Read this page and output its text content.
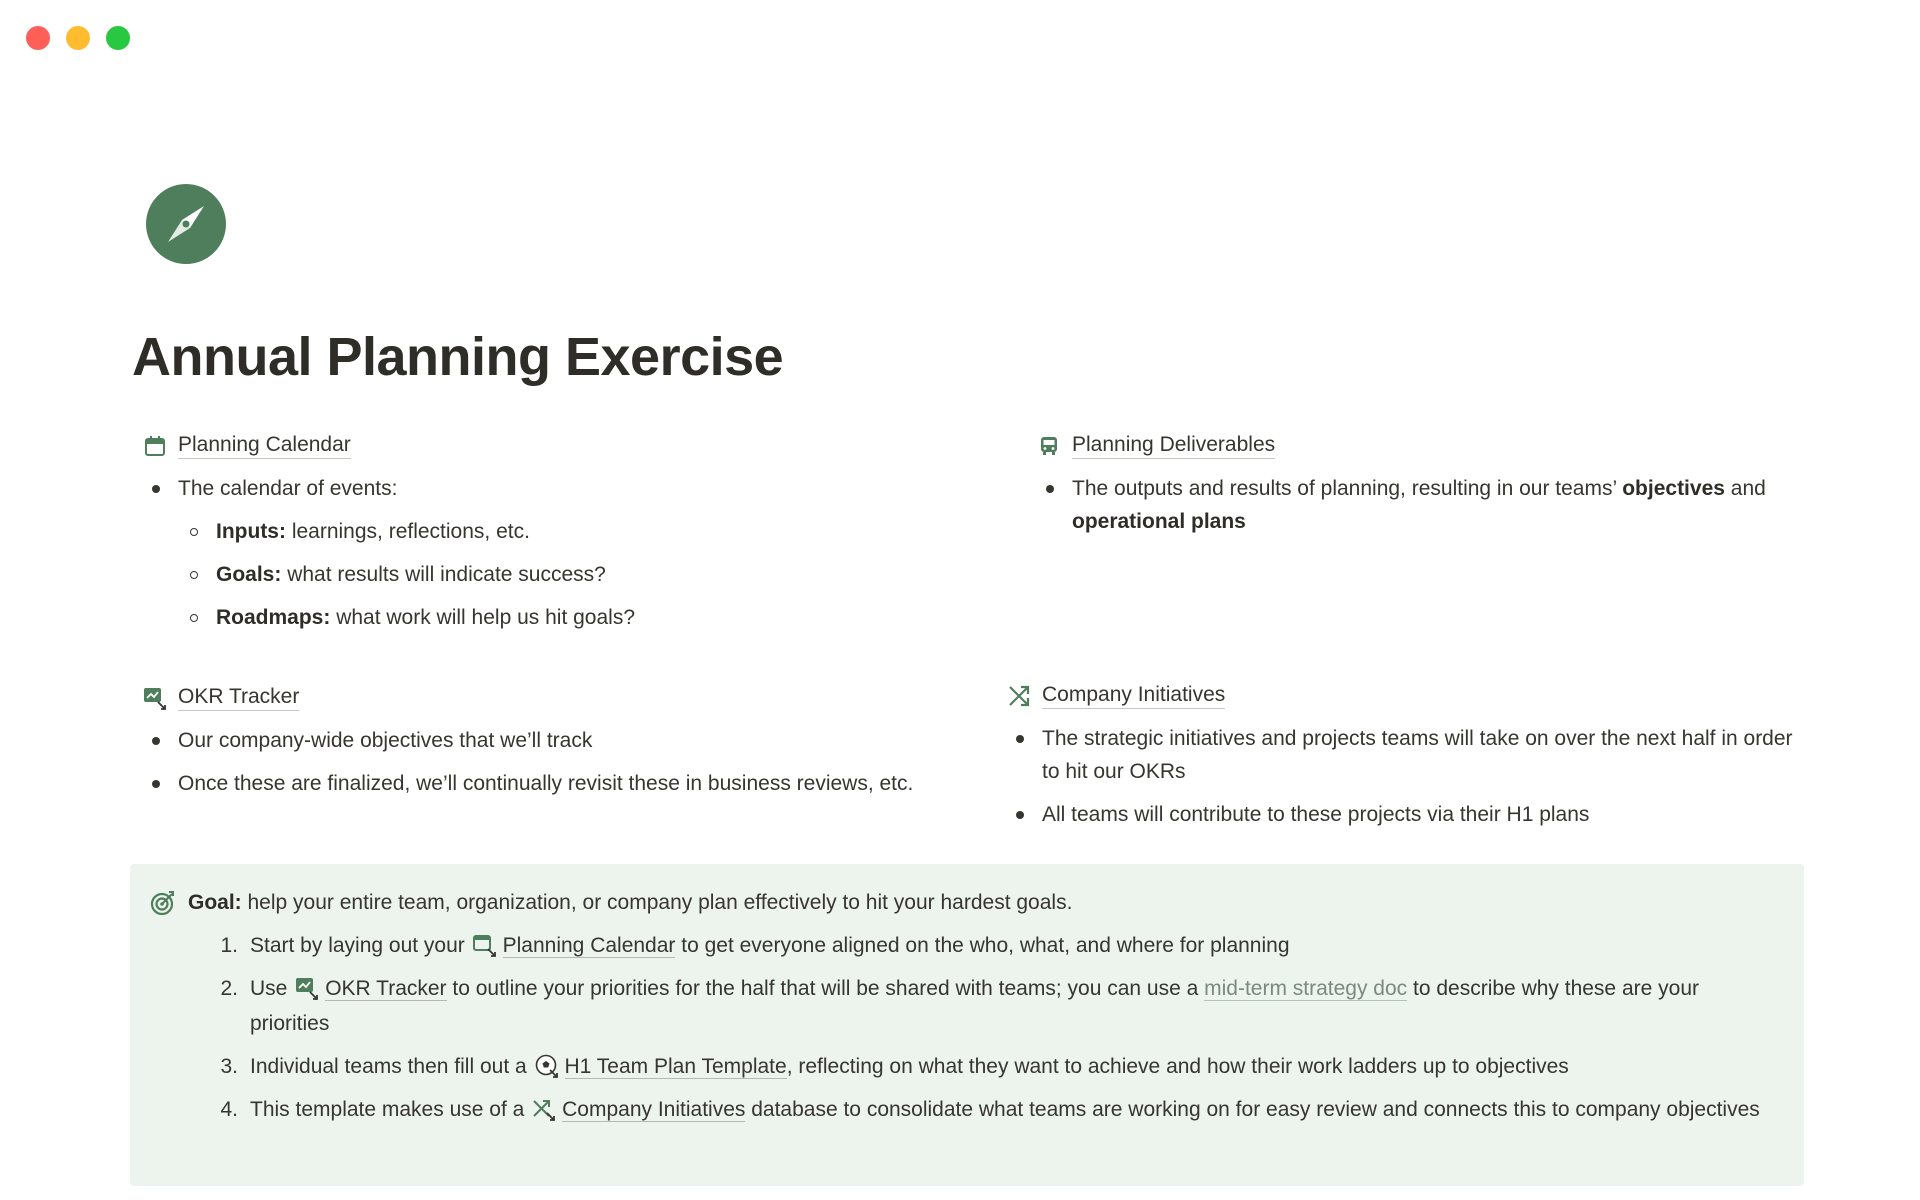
Annual Planning Exercise
Planning Calendar
The calendar of events:
Inputs: learnings, reflections, etc.
Goals: what results will indicate success?
Roadmaps: what work will help us hit goals?
Planning Deliverables
The outputs and results of planning, resulting in our teams’ objectives and operational plans
OKR Tracker
Our company-wide objectives that we’ll track
Once these are finalized, we’ll continually revisit these in business reviews, etc.
Company Initiatives
The strategic initiatives and projects teams will take on over the next half in order to hit our OKRs
All teams will contribute to these projects via their H1 plans
Goal: help your entire team, organization, or company plan effectively to hit your hardest goals.
1. Start by laying out your Planning Calendar to get everyone aligned on the who, what, and where for planning
2. Use OKR Tracker to outline your priorities for the half that will be shared with teams; you can use a mid-term strategy doc to describe why these are your priorities
3. Individual teams then fill out a H1 Team Plan Template, reflecting on what they want to achieve and how their work ladders up to objectives
4. This template makes use of a Company Initiatives database to consolidate what teams are working on for easy review and connects this to company objectives
